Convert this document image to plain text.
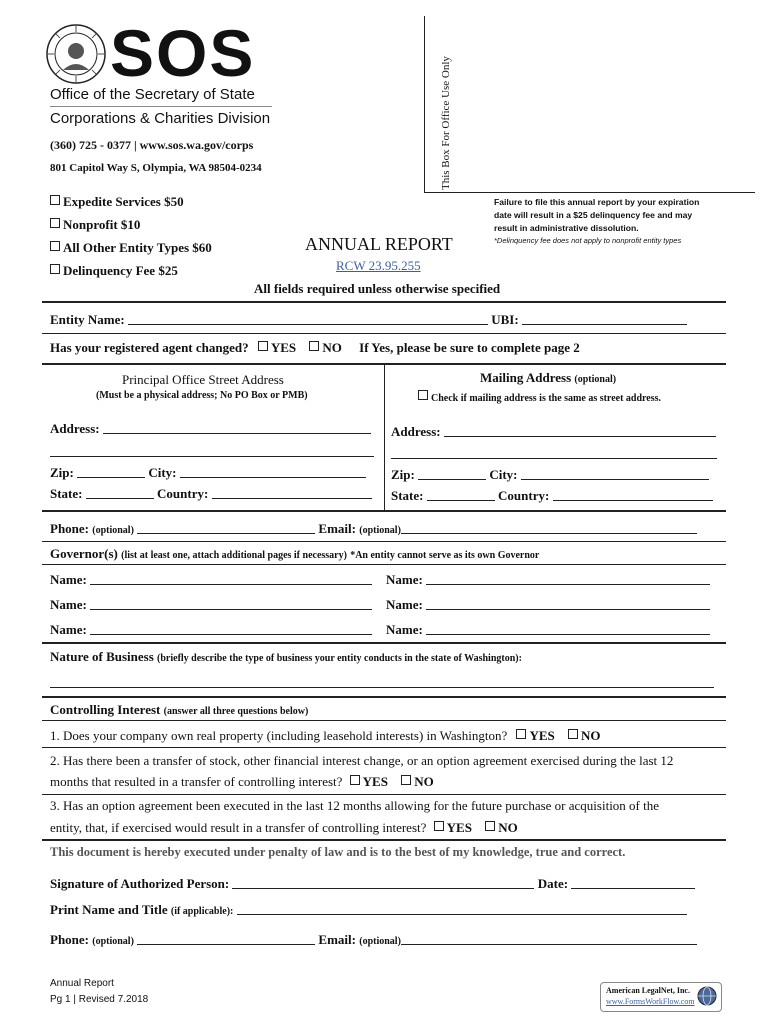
SOS
Office of the Secretary of State
Corporations & Charities Division
(360) 725 - 0377 | www.sos.wa.gov/corps
801 Capitol Way S, Olympia, WA 98504-0234	This Box For Office Use Only
Expedite Services $50
Nonprofit $10
All Other Entity Types $60
Delinquency Fee $25
ANNUAL REPORT
RCW 23.95.255
Failure to file this annual report by your expiration
date will result in a $25 delinquency fee and may
result in administrative dissolution.
*Delinquency fee does not apply to nonprofit entity types
All fields required unless otherwise specified
Entity Name:	UBI:
Has your registered agent changed? YES NO If Yes, please be sure to complete page 2
Principal Office Street Address
(Must be a physical address; No PO Box or PMB)
Mailing Address (optional)
Check if mailing address is the same as street address.
Address:
Zip:	City:
State:	Country:
Address:
Zip:	City:
State:	Country:
Phone: (optional)	Email: (optional)
Governor(s) (list at least one, attach additional pages if necessary) *An entity cannot serve as its own Governor
Name:	Name:
Name:	Name:
Name:	Name:
Nature of Business (briefly describe the type of business your entity conducts in the state of Washington):
Controlling Interest (answer all three questions below)
1. Does your company own real property (including leasehold interests) in Washington? YES NO
2. Has there been a transfer of stock, other financial interest change, or an option agreement exercised during the last 12
months that resulted in a transfer of controlling interest? YES NO
3. Has an option agreement been executed in the last 12 months allowing for the future purchase or acquisition of the
entity, that, if exercised would result in a transfer of controlling interest? YES NO
This document is hereby executed under penalty of law and is to the best of my knowledge, true and correct.
Signature of Authorized Person:	Date:
Print Name and Title (if applicable):
Phone: (optional)	Email: (optional)
Annual Report
Pg 1 | Revised 7.2018
American LegalNet, Inc.
www.FormsWorkFlow.com
